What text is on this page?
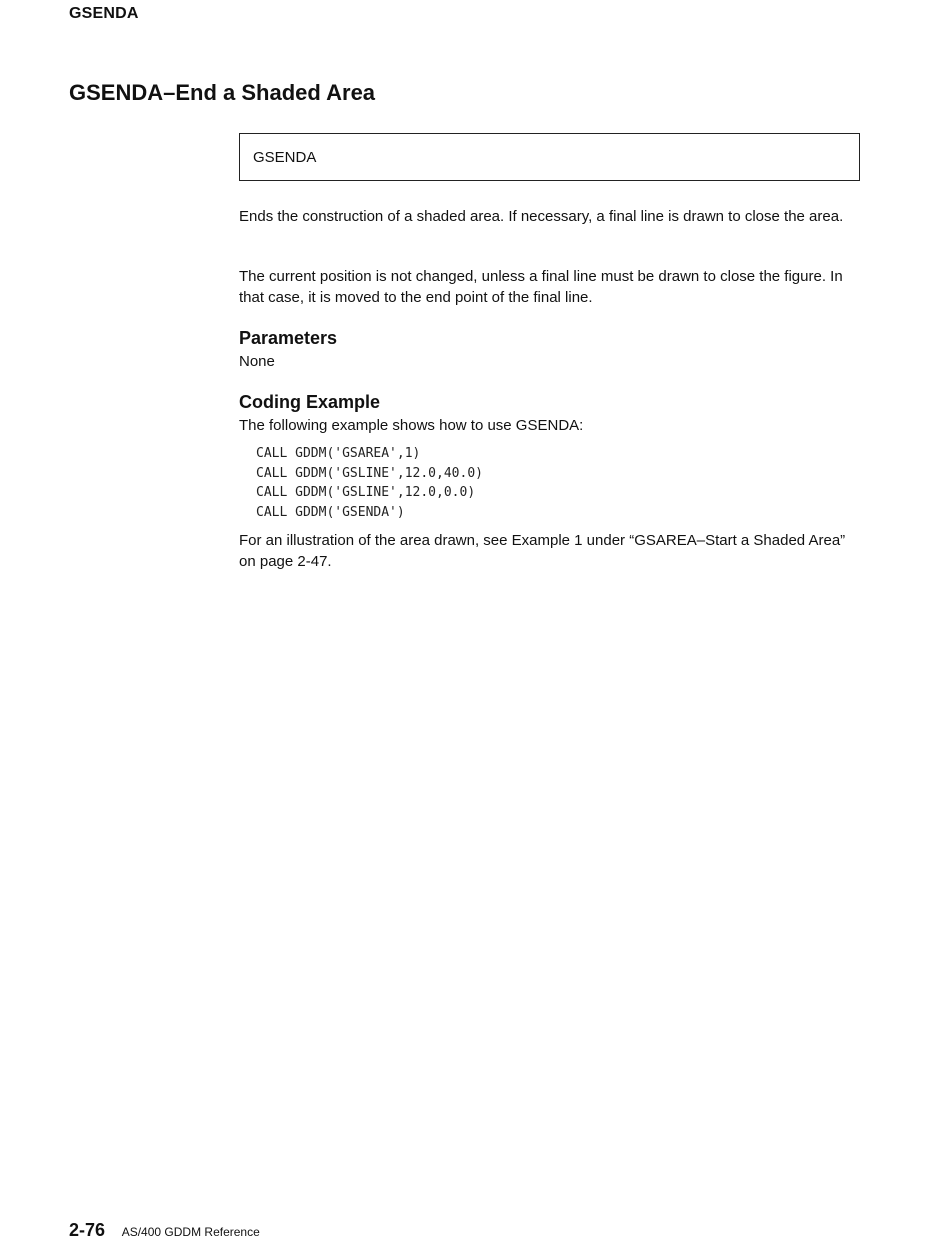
GSENDA
GSENDA–End a Shaded Area
GSENDA

Ends the construction of a shaded area. If necessary, a final line is drawn to close the area.

The current position is not changed, unless a final line must be drawn to close the figure. In that case, it is moved to the end point of the final line.

Parameters

None

Coding Example

The following example shows how to use GSENDA:

CALL GDDM('GSAREA',1)
CALL GDDM('GSLINE',12.0,40.0)
CALL GDDM('GSLINE',12.0,0.0)
CALL GDDM('GSENDA')

For an illustration of the area drawn, see Example 1 under “GSAREA–Start a Shaded Area” on page 2-47.

2-76 AS/400 GDDM Reference
